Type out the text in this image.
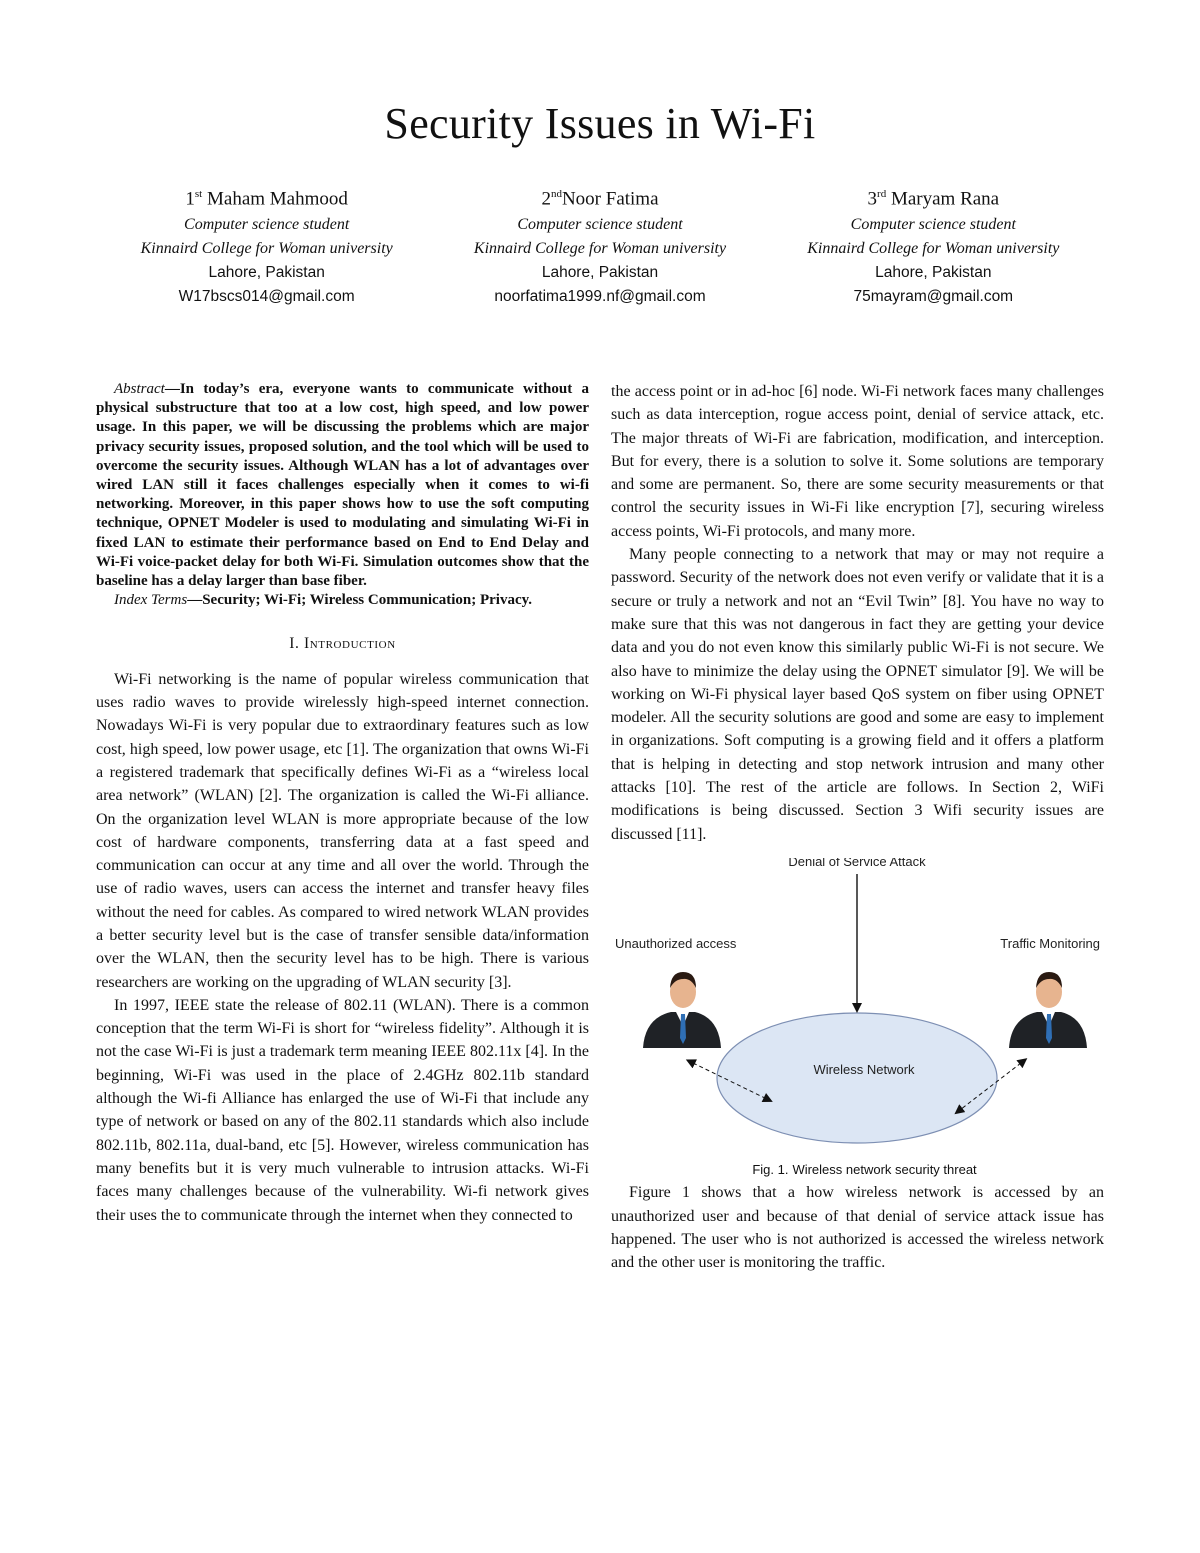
Security Issues in Wi-Fi
1st Maham Mahmood
Computer science student
Kinnaird College for Woman university
Lahore, Pakistan
W17bscs014@gmail.com
2ndNoor Fatima
Computer science student
Kinnaird College for Woman university
Lahore, Pakistan
noorfatima1999.nf@gmail.com
3rd Maryam Rana
Computer science student
Kinnaird College for Woman university
Lahore, Pakistan
75mayram@gmail.com

Abstract—In today’s era, everyone wants to communicate without a physical substructure that too at a low cost, high speed, and low power usage. In this paper, we will be discussing the problems which are major privacy security issues, proposed solution, and the tool which will be used to overcome the security issues. Although WLAN has a lot of advantages over wired LAN still it faces challenges especially when it comes to wi-fi networking. Moreover, in this paper shows how to use the soft computing technique, OPNET Modeler is used to modulating and simulating Wi-Fi in fixed LAN to estimate their performance based on End to End Delay and Wi-Fi voice-packet delay for both Wi-Fi. Simulation outcomes show that the baseline has a delay larger than base fiber.

Index Terms—Security; Wi-Fi; Wireless Communication; Privacy.

I. Introduction

Wi-Fi networking is the name of popular wireless communication that uses radio waves to provide wirelessly high-speed internet connection. Nowadays Wi-Fi is very popular due to extraordinary features such as low cost, high speed, low power usage, etc [1]. The organization that owns Wi-Fi a registered trademark that specifically defines Wi-Fi as a “wireless local area network” (WLAN) [2]. The organization is called the Wi-Fi alliance. On the organization level WLAN is more appropriate because of the low cost of hardware components, transferring data at a fast speed and communication can occur at any time and all over the world. Through the use of radio waves, users can access the internet and transfer heavy files without the need for cables. As compared to wired network WLAN provides a better security level but is the case of transfer sensible data/information over the WLAN, then the security level has to be high. There is various researchers are working on the upgrading of WLAN security [3].

In 1997, IEEE state the release of 802.11 (WLAN). There is a common conception that the term Wi-Fi is short for “wireless fidelity”. Although it is not the case Wi-Fi is just a trademark term meaning IEEE 802.11x [4]. In the beginning, Wi-Fi was used in the place of 2.4GHz 802.11b standard although the Wi-fi Alliance has enlarged the use of Wi-Fi that include any type of network or based on any of the 802.11 standards which also include 802.11b, 802.11a, dual-band, etc [5]. However, wireless communication has many benefits but it is very much vulnerable to intrusion attacks. Wi-Fi faces many challenges because of the vulnerability. Wi-fi network gives their uses the to communicate through the internet when they connected to

the access point or in ad-hoc [6] node. Wi-Fi network faces many challenges such as data interception, rogue access point, denial of service attack, etc. The major threats of Wi-Fi are fabrication, modification, and interception. But for every, there is a solution to solve it. Some solutions are temporary and some are permanent. So, there are some security measurements or that control the security issues in Wi-Fi like encryption [7], securing wireless access points, Wi-Fi protocols, and many more.

Many people connecting to a network that may or may not require a password. Security of the network does not even verify or validate that it is a secure or truly a network and not an “Evil Twin” [8]. You have no way to make sure that this was not dangerous in fact they are getting your device data and you do not even know this similarly public Wi-Fi is not secure. We also have to minimize the delay using the OPNET simulator [9]. We will be working on Wi-Fi physical layer based QoS system on fiber using OPNET modeler. All the security solutions are good and some are easy to implement in organizations. Soft computing is a growing field and it offers a platform that is helping in detecting and stop network intrusion and many other attacks [10]. The rest of the article are follows. In Section 2, WiFi modifications is being discussed. Section 3 Wifi security issues are discussed [11].

Denial of Service Attack
Unauthorized access	Traffic Monitoring
Wireless Network

Fig. 1. Wireless network security threat

Figure 1 shows that a how wireless network is accessed by an unauthorized user and because of that denial of service attack issue has happened. The user who is not authorized is accessed the wireless network and the other user is monitoring the traffic.
